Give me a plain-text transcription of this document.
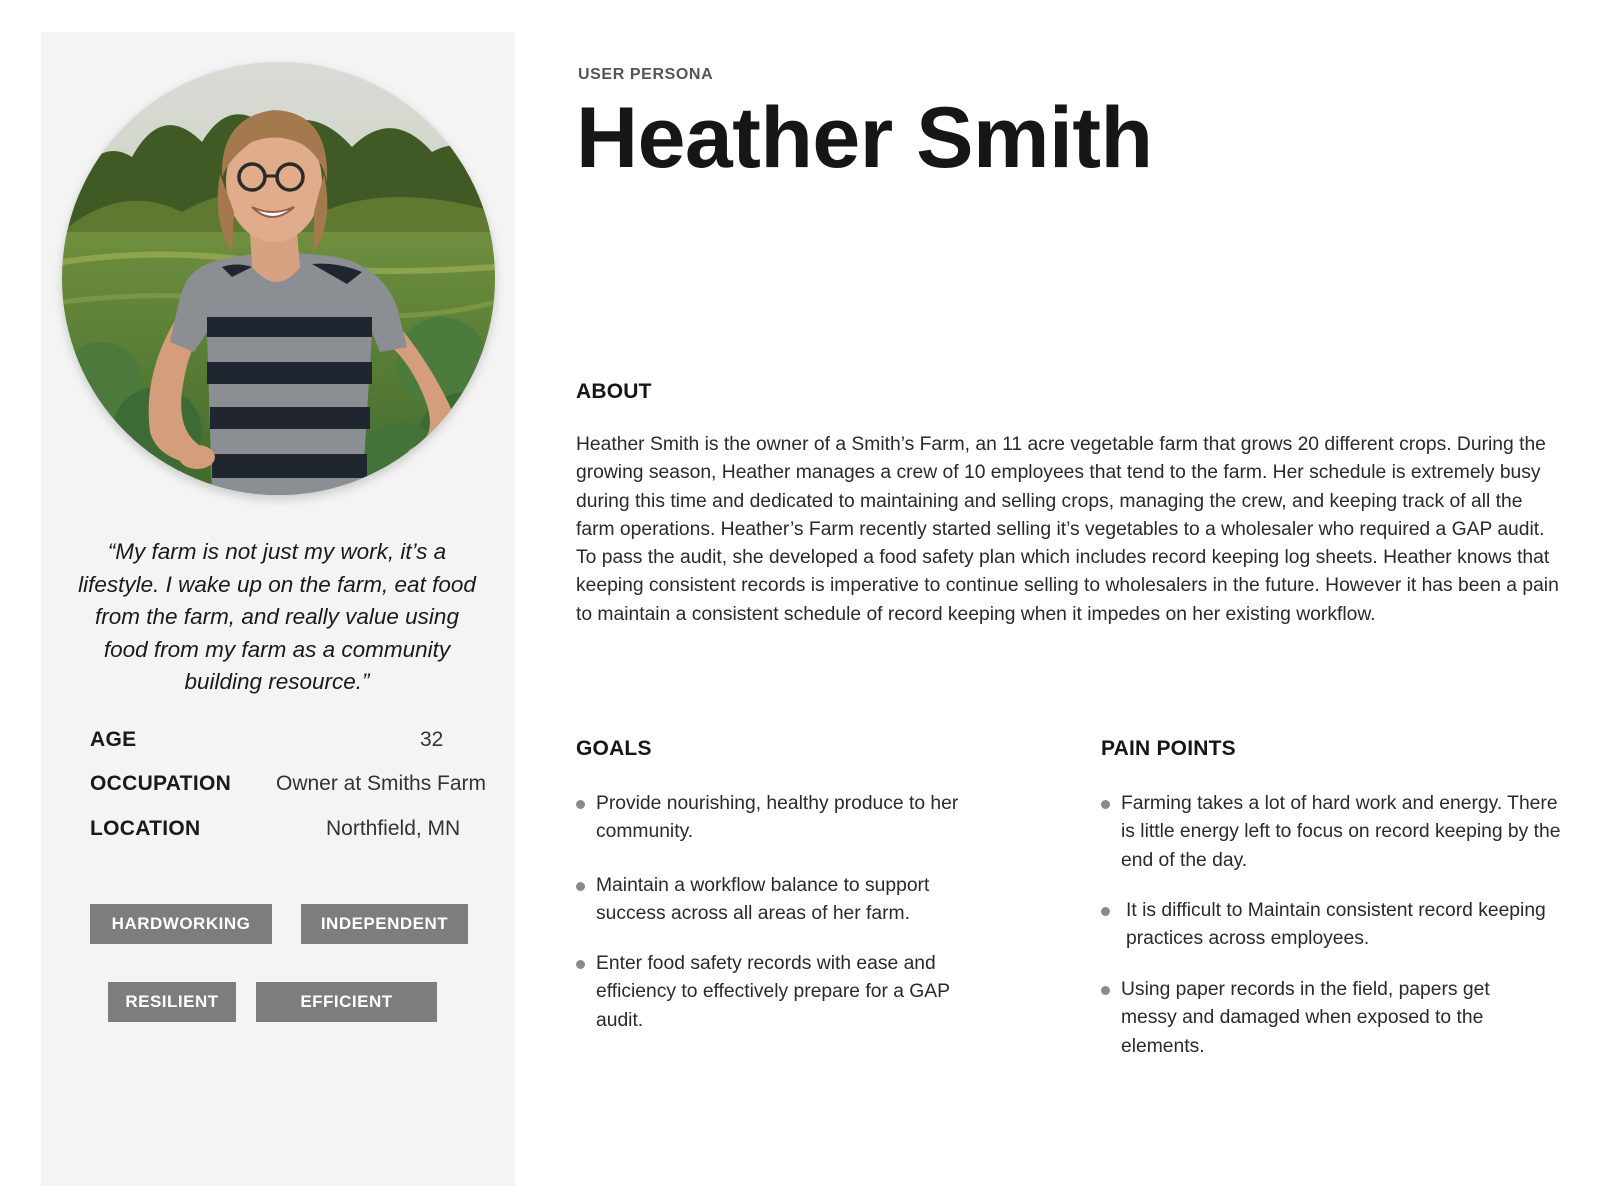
“My farm is not just my work, it’s a lifestyle. I wake up on the farm, eat food from the farm, and really value using food from my farm as a community building resource.”
AGE	32
OCCUPATION Owner at Smiths Farm
LOCATION	Northfield, MN
HARDWORKING	INDEPENDENT
RESILIENT	EFFICIENT
USER PERSONA
Heather Smith
ABOUT
Heather Smith is the owner of a Smith’s Farm, an 11 acre vegetable farm that grows 20 different crops. During the growing season, Heather manages a crew of 10 employees that tend to the farm. Her schedule is extremely busy during this time and dedicated to maintaining and selling crops, managing the crew, and keeping track of all the farm operations. Heather’s Farm recently started selling it’s vegetables to a wholesaler who required a GAP audit. To pass the audit, she developed a food safety plan which includes record keeping log sheets. Heather knows that keeping consistent records is imperative to continue selling to wholesalers in the future. However it has been a pain to maintain a consistent schedule of record keeping when it impedes on her existing workflow.
GOALS
Provide nourishing, healthy produce to her community.
Maintain a workflow balance to support success across all areas of her farm.
Enter food safety records with ease and efficiency to effectively prepare for a GAP audit.
PAIN POINTS
Farming takes a lot of hard work and energy. There is little energy left to focus on record keeping by the end of the day.
It is difficult to Maintain consistent record keeping practices across employees.
Using paper records in the field, papers get messy and damaged when exposed to the elements.
